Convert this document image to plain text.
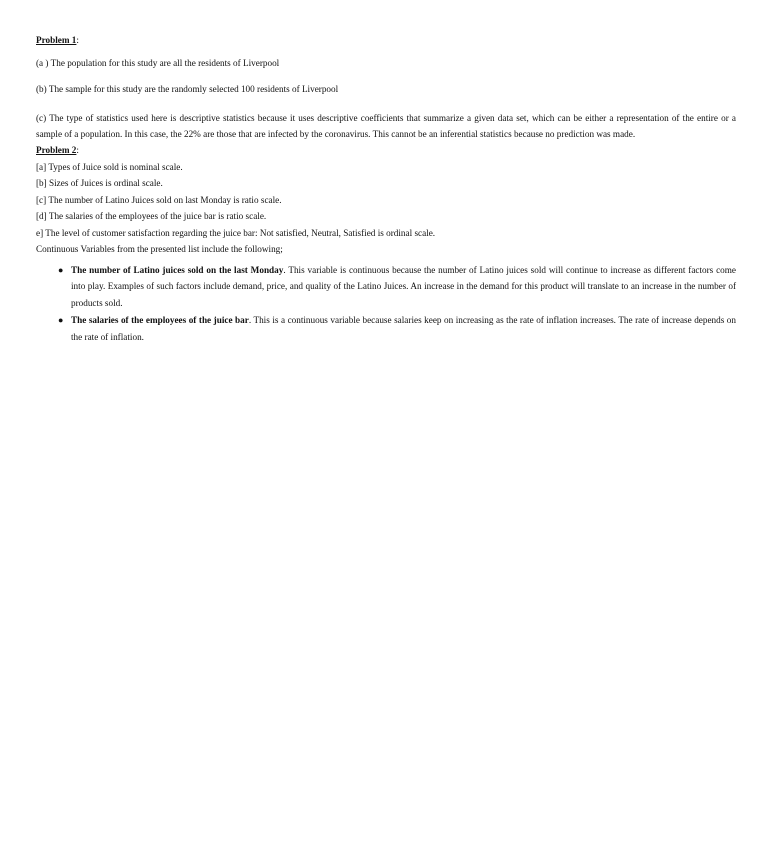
Problem 1:

(a ) The population for this study are all the residents of Liverpool

(b) The sample for this study are the randomly selected 100 residents of Liverpool

(c) The type of statistics used here is descriptive statistics because it uses descriptive coefficients that summarize a given data set, which can be either a representation of the entire or a sample of a population. In this case, the 22% are those that are infected by the coronavirus. This cannot be an inferential statistics because no prediction was made.

Problem 2:

[a] Types of Juice sold is nominal scale.

[b] Sizes of Juices is ordinal scale.

[c] The number of Latino Juices sold on last Monday is ratio scale.

[d] The salaries of the employees of the juice bar is ratio scale.

e] The level of customer satisfaction regarding the juice bar: Not satisfied, Neutral, Satisfied is ordinal scale.

Continuous Variables from the presented list include the following;

● The number of Latino juices sold on the last Monday. This variable is continuous because the number of Latino juices sold will continue to increase as different factors come into play. Examples of such factors include demand, price, and quality of the Latino Juices. An increase in the demand for this product will translate to an increase in the number of products sold.
● The salaries of the employees of the juice bar. This is a continuous variable because salaries keep on increasing as the rate of inflation increases. The rate of increase depends on the rate of inflation.
